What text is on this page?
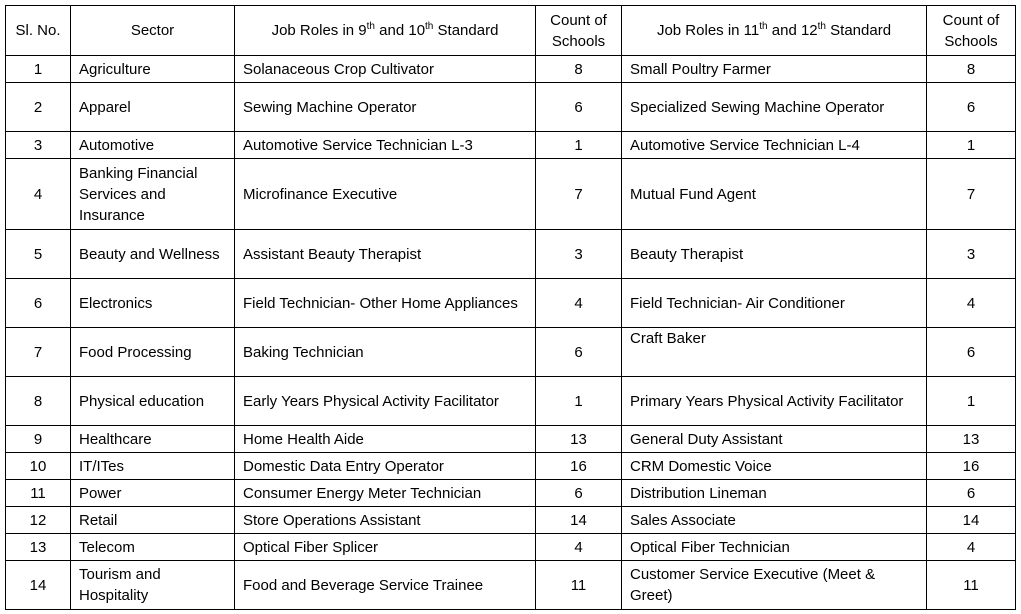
Sl. No.	Sector	Job Roles in 9th and 10th Standard	Count of Schools	Job Roles in 11th and 12th Standard	Count of Schools
1	Agriculture	Solanaceous Crop Cultivator	8	Small Poultry Farmer	8
2	Apparel	Sewing Machine Operator	6	Specialized Sewing Machine Operator	6
3	Automotive	Automotive Service Technician L-3	1	Automotive Service Technician L-4	1
4	Banking Financial Services and Insurance	Microfinance Executive	7	Mutual Fund Agent	7
5	Beauty and Wellness	Assistant Beauty Therapist	3	Beauty Therapist	3
6	Electronics	Field Technician- Other Home Appliances	4	Field Technician- Air Conditioner	4
7	Food Processing	Baking Technician	6	Craft Baker	6
8	Physical education	Early Years Physical Activity Facilitator	1	Primary Years Physical Activity Facilitator	1
9	Healthcare	Home Health Aide	13	General Duty Assistant	13
10	IT/ITes	Domestic Data Entry Operator	16	CRM Domestic Voice	16
11	Power	Consumer Energy Meter Technician	6	Distribution Lineman	6
12	Retail	Store Operations Assistant	14	Sales Associate	14
13	Telecom	Optical Fiber Splicer	4	Optical Fiber Technician	4
14	Tourism and Hospitality	Food and Beverage Service Trainee	11	Customer Service Executive (Meet & Greet)	11
